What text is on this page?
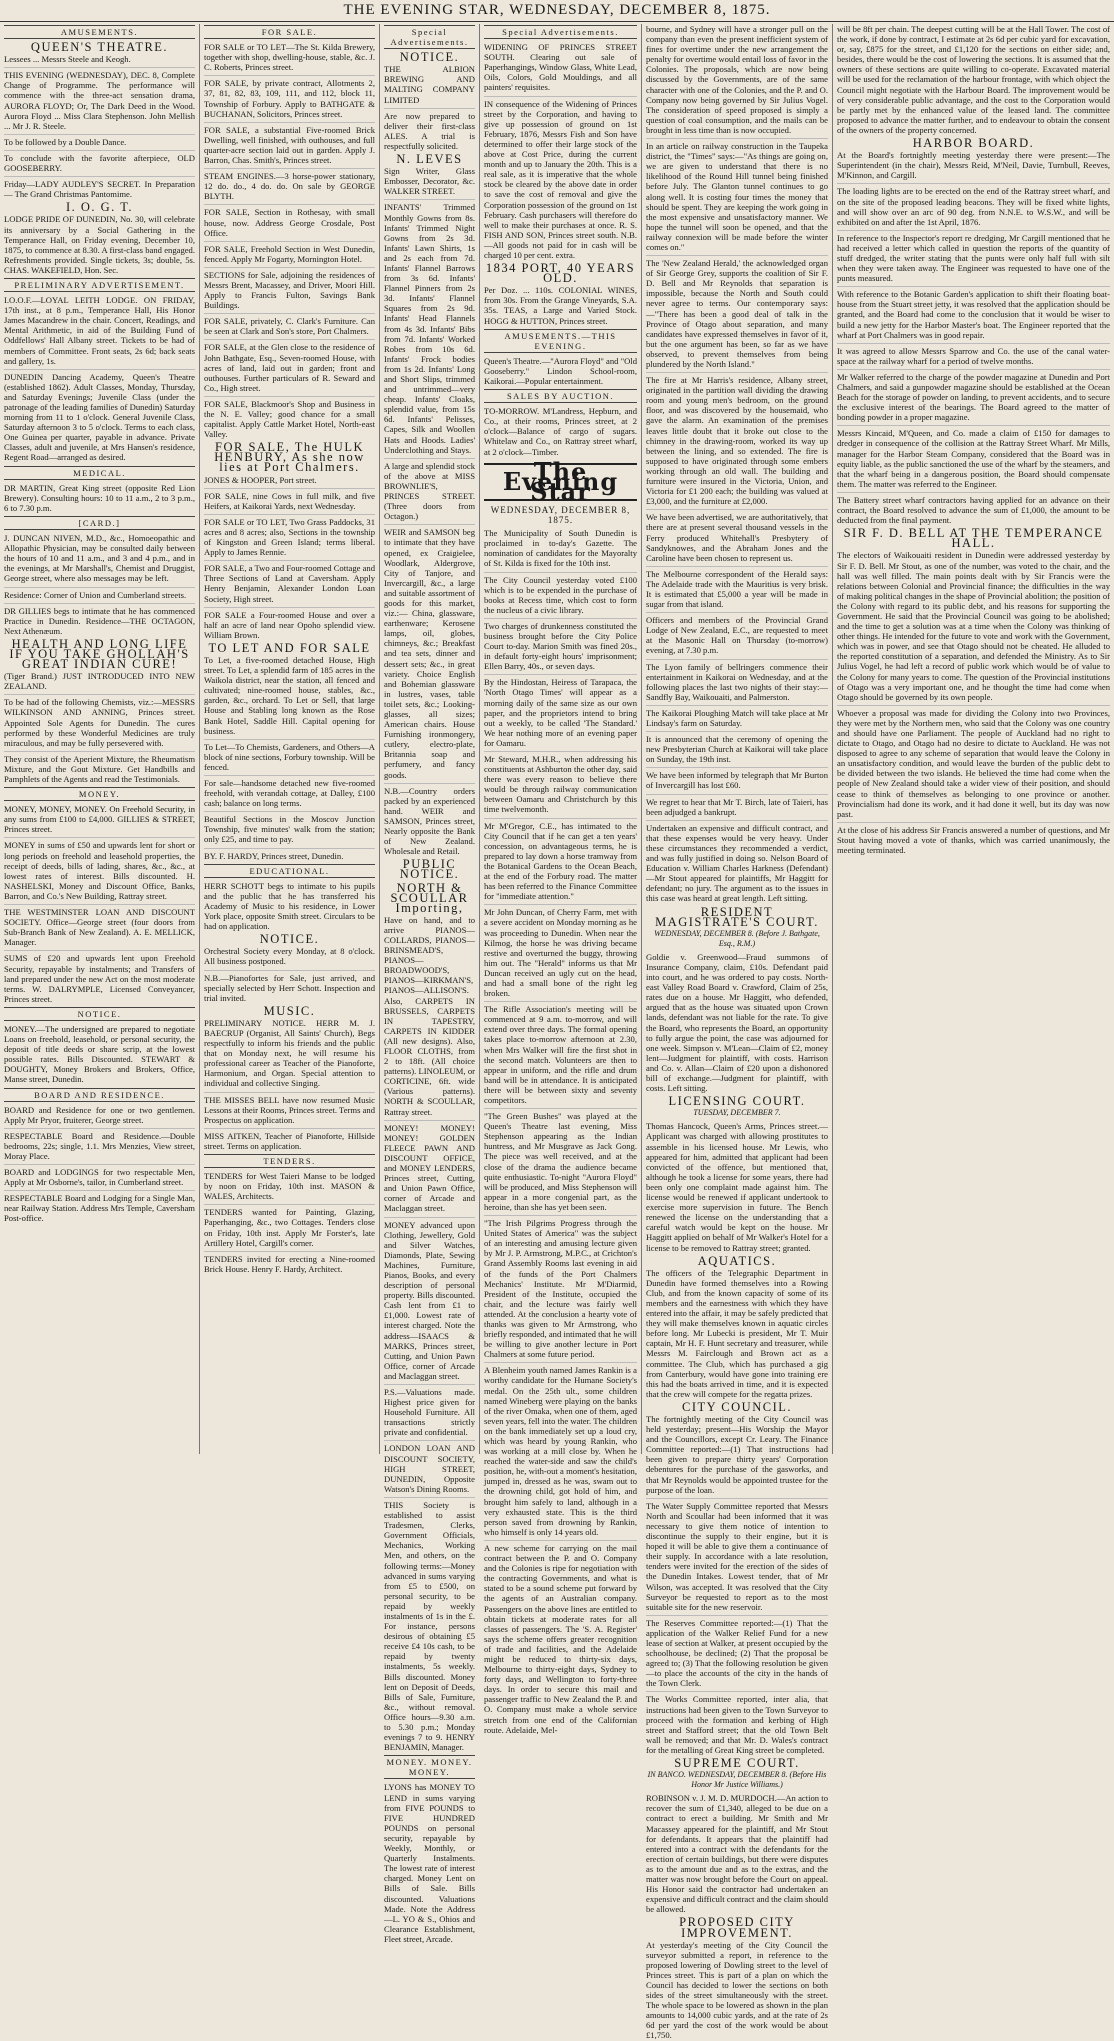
THE EVENING STAR, WEDNESDAY, DECEMBER 8, 1875.
AMUSEMENTS.
QUEEN'S THEATRE.
Lessees ... Messrs Steele and Keogh.
THIS EVENING (WEDNESDAY), DEC. 8, Complete Change of Programme. The performance will commence with the three-act sensation drama, AURORA FLOYD; Or, The Dark Deed in the Wood. Aurora Floyd ... Miss Clara Stephenson. John Mellish ... Mr J. R. Steele.
To be followed by a Double Dance.
To conclude with the favorite afterpiece, OLD GOOSEBERRY.
Friday—LADY AUDLEY'S SECRET. In Preparation — The Grand Christmas Pantomime.
I. O. G. T.
LODGE PRIDE OF DUNEDIN, No. 30, will celebrate its anniversary by a Social Gathering in the Temperance Hall, on Friday evening, December 10, 1875, to commence at 8.30. A first-class band engaged. Refreshments provided. Single tickets, 3s; double, 5s. CHAS. WAKEFIELD, Hon. Sec.
PRELIMINARY ADVERTISEMENT.
I.O.O.F.—LOYAL LEITH LODGE. ON FRIDAY, 17th inst., at 8 p.m., Temperance Hall, His Honor James Macandrew in the chair. Concert, Readings, and Mental Arithmetic, in aid of the Building Fund of Oddfellows' Hall Albany street. Tickets to be had of members of Committee. Front seats, 2s 6d; back seats and gallery, 1s.
DUNEDIN Dancing Academy, Queen's Theatre (established 1862). Adult Classes, Monday, Thursday, and Saturday Evenings; Juvenile Class (under the patronage of the leading families of Dunedin) Saturday morning from 11 to 1 o'clock. General Juvenile Class, Saturday afternoon 3 to 5 o'clock. Terms to each class, One Guinea per quarter, payable in advance. Private Classes, adult and juvenile, at Mrs Hansen's residence, Regent Road—arranged as desired.
MEDICAL.
DR MARTIN, Great King street (opposite Red Lion Brewery). Consulting hours: 10 to 11 a.m., 2 to 3 p.m., 6 to 7.30 p.m.
[CARD.]
J. DUNCAN NIVEN, M.D., &c., Homoeopathic and Allopathic Physician, may be consulted daily between the hours of 10 and 11 a.m., and 3 and 4 p.m., and in the evenings, at Mr Marshall's, Chemist and Druggist, George street, where also messages may be left.
Residence: Corner of Union and Cumberland streets.
DR GILLIES begs to intimate that he has commenced Practice in Dunedin. Residence—THE OCTAGON, Next Athenæum.
HEALTH AND LONG LIFE IF YOU TAKE GHOLLAH'S GREAT INDIAN CURE!
(Tiger Brand.) JUST INTRODUCED INTO NEW ZEALAND.
To be had of the following Chemists, viz.:—MESSRS WILKINSON AND ANNING, Princes street. Appointed Sole Agents for Dunedin. The cures performed by these Wonderful Medicines are truly miraculous, and may be fully persevered with.
They consist of the Aperient Mixture, the Rheumatism Mixture, and the Gout Mixture. Get Handbills and Pamphlets of the Agents and read the Testimonials.
MONEY.
MONEY, MONEY, MONEY. On Freehold Security, in any sums from £100 to £4,000. GILLIES & STREET, Princes street.
MONEY in sums of £50 and upwards lent for short or long periods on freehold and leasehold properties, the receipt of deeds, bills of lading, shares, &c., &c., at lowest rates of interest. Bills discounted. H. NASHELSKI, Money and Discount Office, Banks, Barron, and Co.'s New Building, Rattray street.
THE WESTMINSTER LOAN AND DISCOUNT SOCIETY. Office—George street (four doors from Sub-Branch Bank of New Zealand). A. E. MELLICK, Manager.
SUMS of £20 and upwards lent upon Freehold Security, repayable by instalments; and Transfers of land prepared under the new Act on the most moderate terms. W. DALRYMPLE, Licensed Conveyancer, Princes street.
NOTICE.
MONEY.—The undersigned are prepared to negotiate Loans on freehold, leasehold, or personal security, the deposit of title deeds or share scrip, at the lowest possible rates. Bills Discounted. STEWART & DOUGHTY, Money Brokers and Brokers, Office, Manse street, Dunedin.
BOARD AND RESIDENCE.
BOARD and Residence for one or two gentlemen. Apply Mr Pryor, fruiterer, George street.
RESPECTABLE Board and Residence.—Double bedrooms, 22s; single, 1.1. Mrs Menzies, View street, Moray Place.
BOARD and LODGINGS for two respectable Men, Apply at Mr Osborne's, tailor, in Cumberland street.
RESPECTABLE Board and Lodging for a Single Man, near Railway Station. Address Mrs Temple, Caversham Post-office.
FOR SALE.
FOR SALE or TO LET—The St. Kilda Brewery, together with shop, dwelling-house, stable, &c. J. C. Roberts, Princes street.
FOR SALE, by private contract, Allotments 2, 37, 81, 82, 83, 109, 111, and 112, block 11, Township of Forbury. Apply to BATHGATE & BUCHANAN, Solicitors, Princes street.
FOR SALE, a substantial Five-roomed Brick Dwelling, well finished, with outhouses, and full quarter-acre section laid out in garden. Apply J. Barron, Chas. Smith's, Princes street.
STEAM ENGINES.—3 horse-power stationary, 12 do. do., 4 do. do. On sale by GEORGE BLYTH.
FOR SALE, Section in Rothesay, with small house, now. Address George Crosdale, Post Office.
FOR SALE, Freehold Section in West Dunedin, fenced. Apply Mr Fogarty, Mornington Hotel.
SECTIONS for Sale, adjoining the residences of Messrs Brent, Macassey, and Driver, Moori Hill. Apply to Francis Fulton, Savings Bank Buildings.
FOR SALE, privately, C. Clark's Furniture. Can be seen at Clark and Son's store, Port Chalmers.
FOR SALE, at the Glen close to the residence of John Bathgate, Esq., Seven-roomed House, with acres of land, laid out in garden; front and outhouses. Further particulars of R. Seward and Co., High street.
FOR SALE, Blackmoor's Shop and Business in the N. E. Valley; good chance for a small capitalist. Apply Cattle Market Hotel, North-east Valley.
FOR SALE, The HULK HENBURY, As she now lies at Port Chalmers.
JONES & HOOPER, Port street.
FOR SALE, nine Cows in full milk, and five Heifers, at Kaikorai Yards, next Wednesday.
FOR SALE or TO LET, Two Grass Paddocks, 31 acres and 8 acres; also, Sections in the township of Kingston and Green Island; terms liberal. Apply to James Rennie.
FOR SALE, a Two and Four-roomed Cottage and Three Sections of Land at Caversham. Apply Henry Benjamin, Alexander London Loan Society, High street.
FOR SALE a Four-roomed House and over a half an acre of land near Opoho splendid view. William Brown.
TO LET AND FOR SALE
To Let, a five-roomed detached House, High street. To Let, a splendid farm of 185 acres in the Waikola district, near the station, all fenced and cultivated; nine-roomed house, stables, &c., garden, &c., orchard. To Let or Sell, that large House and Stabling long known as the Rose Bank Hotel, Saddle Hill. Capital opening for business.
To Let—To Chemists, Gardeners, and Others—A block of nine sections, Forbury township. Will be fenced.
For sale—handsome detached new five-roomed freehold, with verandah cottage, at Dalley, £100 cash; balance on long terms.
Beautiful Sections in the Moscov Junction Township, five minutes' walk from the station; only £25, and time to pay.
BY. F. HARDY, Princes street, Dunedin.
EDUCATIONAL.
HERR SCHOTT begs to intimate to his pupils and the public that he has transferred his Academy of Music to his residence, in Lower York place, opposite Smith street. Circulars to be had on application.
NOTICE.
Orchestral Society every Monday, at 8 o'clock. All business postponed.
N.B.—Pianofortes for Sale, just arrived, and specially selected by Herr Schott. Inspection and trial invited.
MUSIC.
PRELIMINARY NOTICE. HERR M. J. BAECRUP (Organist, All Saints' Church), Begs respectfully to inform his friends and the public that on Monday next, he will resume his professional career as Teacher of the Pianoforte, Harmonium, and Organ. Special attention to individual and collective Singing.
THE MISSES BELL have now resumed Music Lessons at their Rooms, Princes street. Terms and Prospectus on application.
MISS AITKEN, Teacher of Pianoforte, Hillside street. Terms on application.
TENDERS.
TENDERS for West Taieri Manse to be lodged by noon on Friday, 10th inst. MASON & WALES, Architects.
TENDERS wanted for Painting, Glazing, Paperhanging, &c., two Cottages. Tenders close on Friday, 10th inst. Apply Mr Forster's, late Artillery Hotel, Cargill's corner.
TENDERS invited for erecting a Nine-roomed Brick House. Henry F. Hardy, Architect.
Special Advertisements.
NOTICE.
THE ALBION BREWING AND MALTING COMPANY LIMITED
Are now prepared to deliver their first-class ALES. A trial is respectfully solicited.
N. LEVES
Sign Writer, Glass Embosser, Decorator, &c. WALKER STREET.
INFANTS' Trimmed Monthly Gowns from 8s. Infants' Trimmed Night Gowns from 2s 3d. Infants' Lawn Shirts, 1s and 2s each from 7d. Infants' Flannel Barrows from 3s 6d. Infants' Flannel Pinners from 2s 3d. Infants' Flannel Squares from 2s 9d. Infants' Head Flannels from 4s 3d. Infants' Bibs from 7d. Infants' Worked Robes from 10s 6d. Infants' Frock bodies from 1s 2d. Infants' Long and Short Slips, trimmed and untrimmed—very cheap. Infants' Cloaks, splendid value, from 15s 6d. Infants' Pelisses, Capes, Silk and Woollen Hats and Hoods. Ladies' Underclothing and Stays.
A large and splendid stock of the above at MISS BROWNLIE'S, PRINCES STREET. (Three doors from Octagon.)
WEIR and SAMSON beg to intimate that they have opened, ex Craigielee, Woodlark, Aldergrove, City of Tanjore, and Invercargill, &c., a large and suitable assortment of goods for this market, viz.:— China, glassware, earthenware; Kerosene lamps, oil, globes, chimneys, &c.; Breakfast and tea sets, dinner and dessert sets; &c., in great variety. Choice English and Bohemian glassware in lustres, vases, table toilet sets, &c.; Looking-glasses, all sizes; American chairs. House Furnishing ironmongery, cutlery, electro-plate, Britannia soap and perfumery, and fancy goods.
N.B.—Country orders packed by an experienced hand. WEIR and SAMSON, Princes street, Nearly opposite the Bank of New Zealand. Wholesale and Retail.
PUBLIC NOTICE.
NORTH & SCOULLAR Importing,
Have on hand, and to arrive PIANOS—COLLARDS, PIANOS—BRINSMEAD'S, PIANOS—BROADWOOD'S, PIANOS—KIRKMAN'S, PIANOS—ALLISON'S. Also, CARPETS IN BRUSSELS, CARPETS IN TAPESTRY, CARPETS IN KIDDER (All new designs). Also, FLOOR CLOTHS, from 2 to 18ft. (All choice patterns). LINOLEUM, or CORTICINE, 6ft. wide (Various patterns). NORTH & SCOULLAR, Rattray street.
MONEY! MONEY! MONEY! GOLDEN FLEECE PAWN AND DISCOUNT OFFICE, and MONEY LENDERS, Princes street, Cutting, and Union Pawn Office, corner of Arcade and Maclaggan street.
MONEY advanced upon Clothing, Jewellery, Gold and Silver Watches, Diamonds, Plate, Sewing Machines, Furniture, Pianos, Books, and every description of personal property. Bills discounted. Cash lent from £1 to £1,000. Lowest rate of interest charged. Note the address—ISAACS & MARKS, Princes street, Cutting, and Union Pawn Office, corner of Arcade and Maclaggan street.
P.S.—Valuations made. Highest price given for Household Furniture. All transactions strictly private and confidential.
LONDON LOAN AND DISCOUNT SOCIETY, HIGH STREET, DUNEDIN, Opposite Watson's Dining Rooms.
THIS Society is established to assist Tradesmen, Clerks, Government Officials, Mechanics, Working Men, and others, on the following terms:—Money advanced in sums varying from £5 to £500, on personal security, to be repaid by weekly instalments of 1s in the £. For instance, persons desirous of obtaining £5 receive £4 10s cash, to be repaid by twenty instalments, 5s weekly. Bills discounted. Money lent on Deposit of Deeds, Bills of Sale, Furniture, &c., without removal. Office hours—9.30 a.m. to 5.30 p.m.; Monday evenings 7 to 9. HENRY BENJAMIN, Manager.
MONEY. MONEY. MONEY.
LYONS has MONEY TO LEND in sums varying from FIVE POUNDS to FIVE HUNDRED POUNDS on personal security, repayable by Weekly, Monthly, or Quarterly Instalments. The lowest rate of interest charged. Money Lent on Bills of Sale. Bills discounted. Valuations Made. Note the Address—L. YO & S., Ohios and Clearance Establishment, Fleet street, Arcade.
Special Advertisements.
WIDENING OF PRINCES STREET SOUTH. Clearing out sale of Paperhangings, Window Glass, White Lead, Oils, Colors, Gold Mouldings, and all painters' requisites.
IN consequence of the Widening of Princes street by the Corporation, and having to give up possession of ground on 1st February, 1876, Messrs Fish and Son have determined to offer their large stock of the above at Cost Price, during the current month and up to January the 20th. This is a real sale, as it is imperative that the whole stock be cleared by the above date in order to save the cost of removal and give the Corporation possession of the ground on 1st February. Cash purchasers will therefore do well to make their purchases at once. R. S. FISH AND SON, Princes street south. N.B.—All goods not paid for in cash will be charged 10 per cent. extra.
1834 PORT, 40 YEARS OLD.
Per Doz. ... 110s. COLONIAL WINES, from 30s. From the Grange Vineyards, S.A. 35s. TEAS, a Large and Varied Stock. HOGG & HUTTON, Princes street.
AMUSEMENTS.—THIS EVENING.
Queen's Theatre.—"Aurora Floyd" and "Old Gooseberry." Lindon School-room, Kaikorai.—Popular entertainment.
SALES BY AUCTION.
TO-MORROW. M'Landress, Hepburn, and Co., at their rooms, Princes street, at 2 o'clock—Balance of cargo of sugars. Whitelaw and Co., on Rattray street wharf, at 2 o'clock—Timber.
The Evening Star
WEDNESDAY, DECEMBER 8, 1875.
The Municipality of South Dunedin is proclaimed in to-day's Gazette. The nomination of candidates for the Mayoralty of St. Kilda is fixed for the 10th inst.
The City Council yesterday voted £100 which is to be expended in the purchase of books at Recess time, which cost to form the nucleus of a civic library.
Two charges of drunkenness constituted the business brought before the City Police Court to-day. Marion Smith was fined 20s., in default forty-eight hours' imprisonment; Ellen Barry, 40s., or seven days.
By the Hindostan, Heiress of Tarapaca, the 'North Otago Times' will appear as a morning daily of the same size as our own paper, and the proprietors intend to bring out a weekly, to be called 'The Standard.' We hear nothing more of an evening paper for Oamaru.
Mr Steward, M.H.R., when addressing his constituents at Ashburton the other day, said there was every reason to believe there would be through railway communication between Oamaru and Christchurch by this time twelvemonth.
Mr M'Gregor, C.E., has intimated to the City Council that if he can get a ten years' concession, on advantageous terms, he is prepared to lay down a horse tramway from the Botanical Gardens to the Ocean Beach, at the end of the Forbury road. The matter has been referred to the Finance Committee for "immediate attention."
Mr John Duncan, of Cherry Farm, met with a severe accident on Monday morning as he was proceeding to Dunedin. When near the Kilmog, the horse he was driving became restive and overturned the buggy, throwing him out. The "Herald" informs us that Mr Duncan received an ugly cut on the head, and had a small bone of the right leg broken.
The Rifle Association's meeting will be commenced at 9 a.m. to-morrow, and will extend over three days. The formal opening takes place to-morrow afternoon at 2.30, when Mrs Walker will fire the first shot in the second match. Volunteers are then to appear in uniform, and the rifle and drum band will be in attendance. It is anticipated there will be between sixty and seventy competitors.
"The Green Bushes" was played at the Queen's Theatre last evening, Miss Stephenson appearing as the Indian huntress, and Mr Musgrave as Jack Gong. The piece was well received, and at the close of the drama the audience became quite enthusiastic. To-night "Aurora Floyd" will be produced, and Miss Stephenson will appear in a more congenial part, as the heroine, than she has yet been seen.
"The Irish Pilgrims Progress through the United States of America" was the subject of an interesting and amusing lecture given by Mr J. P. Armstrong, M.P.C., at Crichton's Grand Assembly Rooms last evening in aid of the funds of the Port Chalmers Mechanics' Institute. Mr M'Diarmid, President of the Institute, occupied the chair, and the lecture was fairly well attended. At the conclusion a hearty vote of thanks was given to Mr Armstrong, who briefly responded, and intimated that he will be willing to give another lecture in Port Chalmers at some future period.
A Blenheim youth named James Rankin is a worthy candidate for the Humane Society's medal. On the 25th ult., some children named Wineberg were playing on the banks of the river Omaka, when one of them, aged seven years, fell into the water. The children on the bank immediately set up a loud cry, which was heard by young Rankin, who was working at a mill close by. When he reached the water-side and saw the child's position, he, with-out a moment's hesitation, jumped in, dressed as he was, swam out to the drowning child, got hold of him, and brought him safely to land, although in a very exhausted state. This is the third person saved from drowning by Rankin, who himself is only 14 years old.
A new scheme for carrying on the mail contract between the P. and O. Company and the Colonies is ripe for negotiation with the contracting Governments, and what is stated to be a sound scheme put forward by the agents of an Australian company. Passengers on the above lines are entitled to obtain tickets at moderate rates for all classes of passengers. The 'S. A. Register' says the scheme offers greater recognition of trade and facilities, and the Adelaide might be reduced to thirty-six days, Melbourne to thirty-eight days, Sydney to forty days, and Wellington to forty-three days. In order to secure this mail and passenger traffic to New Zealand the P. and O. Company must make a whole service stretch from one end of the Californian route. Adelaide, Mel-
bourne, and Sydney will have a stronger pull on the company than even the present inefficient system of fines for overtime under the new arrangement the penalty for overtime would entail loss of favor in the Colonies. The proposals, which are now being discussed by the Governments, are of the same character with one of the Colonies, and the P. and O. Company now being governed by Sir Julius Vogel. The consideration of speed proposed is simply a question of coal consumption, and the mails can be brought in less time than is now occupied.
In an article on railway construction in the Taupeka district, the "Times" says:—"As things are going on, we are given to understand that there is no likelihood of the Round Hill tunnel being finished before July. The Glanton tunnel continues to go along well. It is costing four times the money that should be spent. They are keeping the work going in the most expensive and unsatisfactory manner. We hope the tunnel will soon be opened, and that the railway connexion will be made before the winter comes on."
The 'New Zealand Herald,' the acknowledged organ of Sir George Grey, supports the coalition of Sir F. D. Bell and Mr Reynolds that separation is impossible, because the North and South could never agree to terms. Our contemporary says:—"There has been a good deal of talk in the Province of Otago about separation, and many candidates have expressed themselves in favor of it, but the one argument has been, so far as we have observed, to prevent themselves from being plundered by the North Island."
The fire at Mr Harris's residence, Albany street, originated in the partition wall dividing the drawing room and young men's bedroom, on the ground floor, and was discovered by the housemaid, who gave the alarm. An examination of the premises leaves little doubt that it broke out close to the chimney in the drawing-room, worked its way up between the lining, and so extended. The fire is supposed to have originated through some embers working through an old wall. The building and furniture were insured in the Victoria, Union, and Victoria for £1 200 each; the building was valued at £3,000, and the furniture at £2,000.
We have been advertised, we are authoritatively, that there are at present several thousand vessels in the Ferry produced Whitehall's Presbytery of Sandyknowes, and the Abraham Jones and the Caroline have been chosen to represent us.
The Melbourne correspondent of the Herald says: The Adelaide trade with the Mauritius is very brisk. It is estimated that £5,000 a year will be made in sugar from that island.
Officers and members of the Provincial Grand Lodge of New Zealand, E.C., are requested to meet at the Masonic Hall on Thursday (to-morrow) evening, at 7.30 p.m.
The Lyon family of bellringers commence their entertainment in Kaikorai on Wednesday, and at the following places the last two nights of their stay:—Sandfly Bay, Waikouaiti, and Palmerston.
The Kaikorai Ploughing Match will take place at Mr Lindsay's farm on Saturday.
It is announced that the ceremony of opening the new Presbyterian Church at Kaikorai will take place on Sunday, the 19th inst.
We have been informed by telegraph that Mr Burton of Invercargill has lost £60.
We regret to hear that Mr T. Birch, late of Taieri, has been adjudged a bankrupt.
Undertaken an expensive and difficult contract, and that these expenses would be very heavy. Under these circumstances they recommended a verdict, and was fully justified in doing so. Nelson Board of Education v. William Charles Harkness (Defendant)—Mr Stout appeared for plaintiffs, Mr Haggitt for defendant; no jury. The argument as to the issues in this case was heard at great length. Left sitting.
RESIDENT MAGISTRATE'S COURT.
WEDNESDAY, DECEMBER 8. (Before J. Bathgate, Esq., R.M.)
Goldie v. Greenwood—Fraud summons of Insurance Company, claim, £10s. Defendant paid into court, and he was ordered to pay costs. North-east Valley Road Board v. Crawford, Claim of 25s, rates due on a house. Mr Haggitt, who defended, argued that as the house was situated upon Crown lands, defendant was not liable for the rate. To give the Board, who represents the Board, an opportunity to fully argue the point, the case was adjourned for one week. Simpson v. M'Lean—Claim of £2, money lent—Judgment for plaintiff, with costs. Harrison and Co. v. Allan—Claim of £20 upon a dishonored bill of exchange.—Judgment for plaintiff, with costs. Left sitting.
LICENSING COURT.
TUESDAY, DECEMBER 7.
Thomas Hancock, Queen's Arms, Princes street.—Applicant was charged with allowing prostitutes to assemble in his licensed house. Mr Lewis, who appeared for him, admitted that applicant had been convicted of the offence, but mentioned that, although he took a license for some years, there had been only one complaint made against him. The license would be renewed if applicant undertook to exercise more supervision in future. The Bench renewed the license on the understanding that a careful watch would be kept on the house. Mr Haggitt applied on behalf of Mr Walker's Hotel for a license to be removed to Rattray street; granted.
AQUATICS.
The officers of the Telegraphic Department in Dunedin have formed themselves into a Rowing Club, and from the known capacity of some of its members and the earnestness with which they have entered into the affair, it may be safely predicted that they will make themselves known in aquatic circles before long. Mr Lubecki is president, Mr T. Muir captain, Mr H. F. Hunt secretary and treasurer, while Messrs M. Fairclough and Brown act as a committee. The Club, which has purchased a gig from Canterbury, would have gone into training ere this had the boats arrived in time, and it is expected that the crew will compete for the regatta prizes.
CITY COUNCIL.
The fortnightly meeting of the City Council was held yesterday; present—His Worship the Mayor and the Councillors, except Cr. Leary. The Finance Committee reported:—(1) That instructions had been given to prepare thirty years' Corporation debentures for the purchase of the gasworks, and that Mr Reynolds would be appointed trustee for the purpose of the loan.
The Water Supply Committee reported that Messrs North and Scoullar had been informed that it was necessary to give them notice of intention to discontinue the supply to their engine, but it is hoped it will be able to give them a continuance of their supply. In accordance with a late resolution, tenders were invited for the erection of the sides of the Dunedin Intakes. Lowest tender, that of Mr Wilson, was accepted. It was resolved that the City Surveyor be requested to report as to the most suitable site for the new reservoir.
The Reserves Committee reported:—(1) That the application of the Walker Relief Fund for a new lease of section at Walker, at present occupied by the schoolhouse, be declined; (2) That the proposal be agreed to; (3) That the following resolution be given—to place the accounts of the city in the hands of the Town Clerk.
The Works Committee reported, inter alia, that instructions had been given to the Town Surveyor to proceed with the formation and kerbing of High street and Stafford street; that the old Town Belt wall be removed; and that Mr. D. Wales's contract for the metalling of Great King street be completed.
SUPREME COURT.
IN BANCO. WEDNESDAY, DECEMBER 8. (Before His Honor Mr Justice Williams.)
ROBINSON v. J. M. D. MURDOCH.—An action to recover the sum of £1,340, alleged to be due on a contract to erect a building. Mr Smith and Mr Macassey appeared for the plaintiff, and Mr Stout for defendants. It appears that the plaintiff had entered into a contract with the defendants for the erection of certain buildings, but there were disputes as to the amount due and as to the extras, and the matter was now brought before the Court on appeal. His Honor said the contractor had undertaken an expensive and difficult contract and the claim should be allowed.
PROPOSED CITY IMPROVEMENT.
At yesterday's meeting of the City Council the surveyor submitted a report, in reference to the proposed lowering of Dowling street to the level of Princes street. This is part of a plan on which the Council has decided to lower the sections on both sides of the street simultaneously with the street. The whole space to be lowered as shown in the plan amounts to 14,000 cubic yards, and at the rate of 2s 6d per yard the cost of the work would be about £1,750.
will be 8ft per chain. The deepest cutting will be at the Hall Tower. The cost of the work, if done by contract, I estimate at 2s 6d per cubic yard for excavation, or, say, £875 for the street, and £1,120 for the sections on either side; and, besides, there would be the cost of lowering the sections. It is assumed that the owners of these sections are quite willing to co-operate. Excavated material will be used for the reclamation of the harbour frontage, with which object the Council might negotiate with the Harbour Board. The improvement would be of very considerable public advantage, and the cost to the Corporation would be partly met by the enhanced value of the leased land. The committee proposed to advance the matter further, and to endeavour to obtain the consent of the owners of the property concerned.
HARBOR BOARD.
At the Board's fortnightly meeting yesterday there were present:—The Superintendent (in the chair), Messrs Reid, M'Neil, Davie, Turnbull, Reeves, M'Kinnon, and Cargill.
The loading lights are to be erected on the end of the Rattray street wharf, and on the site of the proposed leading beacons. They will be fixed white lights, and will show over an arc of 90 deg. from N.N.E. to W.S.W., and will be exhibited on and after the 1st April, 1876.
In reference to the Inspector's report re dredging, Mr Cargill mentioned that he had received a letter which called in question the reports of the quantity of stuff dredged, the writer stating that the punts were only half full with silt when they were taken away. The Engineer was requested to have one of the punts measured.
With reference to the Botanic Garden's application to shift their floating boat-house from the Stuart street jetty, it was resolved that the application should be granted, and the Board had come to the conclusion that it would be wiser to build a new jetty for the Harbor Master's boat. The Engineer reported that the wharf at Port Chalmers was in good repair.
It was agreed to allow Messrs Sparrow and Co. the use of the canal water-space at the railway wharf for a period of twelve months.
Mr Walker referred to the charge of the powder magazine at Dunedin and Port Chalmers, and said a gunpowder magazine should be established at the Ocean Beach for the storage of powder on landing, to prevent accidents, and to secure the exclusive interest of the bearings. The Board agreed to the matter of bonding powder in a proper magazine.
Messrs Kincaid, M'Queen, and Co. made a claim of £150 for damages to dredger in consequence of the collision at the Rattray Street Wharf. Mr Mills, manager for the Harbor Steam Company, considered that the Board was in equity liable, as the public sanctioned the use of the wharf by the steamers, and that the wharf being in a dangerous position, the Board should compensate them. The matter was referred to the Engineer.
The Battery street wharf contractors having applied for an advance on their contract, the Board resolved to advance the sum of £1,000, the amount to be deducted from the final payment.
SIR F. D. BELL AT THE TEMPERANCE HALL.
The electors of Waikouaiti resident in Dunedin were addressed yesterday by Sir F. D. Bell. Mr Stout, as one of the number, was voted to the chair, and the hall was well filled. The main points dealt with by Sir Francis were the relations between Colonial and Provincial finance; the difficulties in the way of making political changes in the shape of Provincial abolition; the position of the Colony with regard to its public debt, and his reasons for supporting the Government. He said that the Provincial Council was going to be abolished; and the time to get a solution was at a time when the Colony was thinking of other things. He intended for the future to vote and work with the Government, which was in power, and see that Otago should not be cheated. He alluded to the reported constitution of a separation, and defended the Ministry. As to Sir Julius Vogel, he had left a record of public work which would be of value to the Colony for many years to come. The question of the Provincial institutions of Otago was a very important one, and he thought the time had come when Otago should be governed by its own people.
Whoever a proposal was made for dividing the Colony into two Provinces, they were met by the Northern men, who said that the Colony was one country and should have one Parliament. The people of Auckland had no right to dictate to Otago, and Otago had no desire to dictate to Auckland. He was not disposed to agree to any scheme of separation that would leave the Colony in an unsatisfactory condition, and would leave the burden of the public debt to be divided between the two islands. He believed the time had come when the people of New Zealand should take a wider view of their position, and should cease to think of themselves as belonging to one province or another. Provincialism had done its work, and it had done it well, but its day was now past.
At the close of his address Sir Francis answered a number of questions, and Mr Stout having moved a vote of thanks, which was carried unanimously, the meeting terminated.
